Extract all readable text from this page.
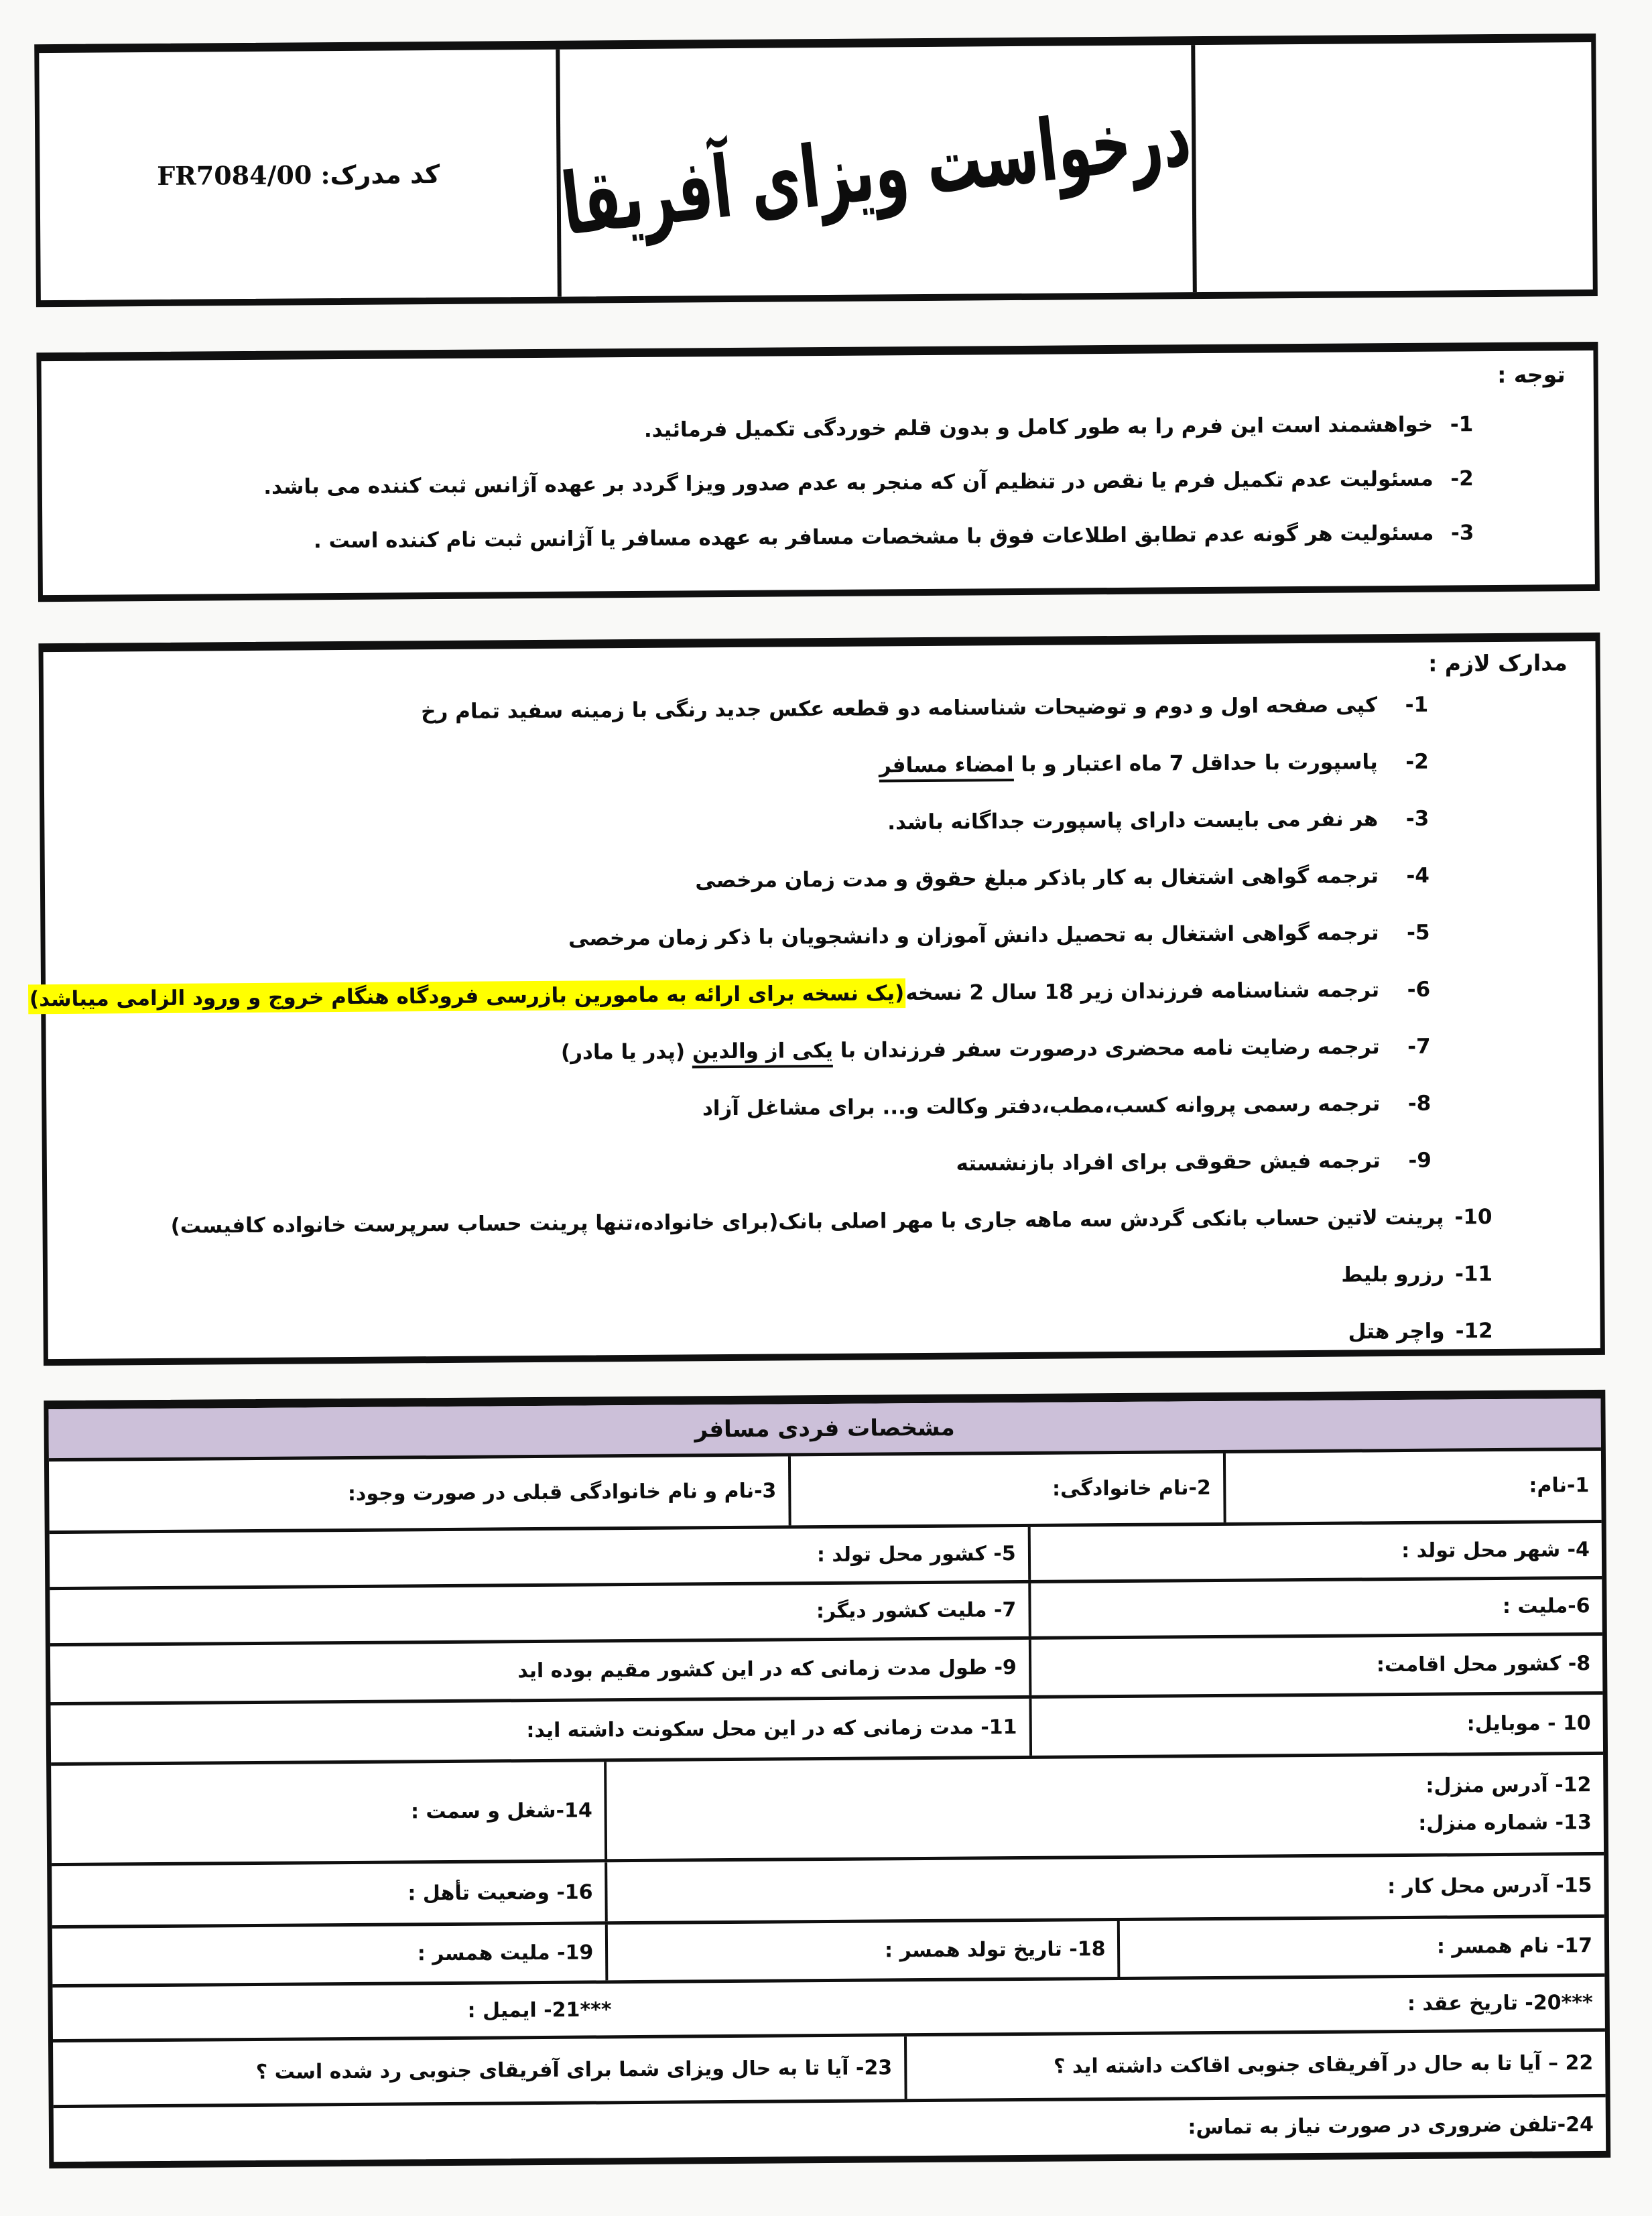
کد مدرک: FR7084/00 درخواست ویزای آفریقا
توجه :
1-خواهشمند است این فرم را به طور کامل و بدون قلم خوردگی تکمیل فرمائید.
2-مسئولیت عدم تکمیل فرم یا نقص در تنظیم آن که منجر به عدم صدور ویزا گردد بر عهده آژانس ثبت کننده می باشد.
3-مسئولیت هر گونه عدم تطابق اطلاعات فوق با مشخصات مسافر به عهده مسافر یا آژانس ثبت نام کننده است .
مدارک لازم :
1-کپی صفحه اول و دوم و توضیحات شناسنامه دو قطعه عکس جدید رنگی با زمینه سفید تمام رخ
2-پاسپورت با حداقل 7 ماه اعتبار و با امضاء مسافر
3-هر نفر می بایست دارای پاسپورت جداگانه باشد.
4-ترجمه گواهی اشتغال به کار باذکر مبلغ حقوق و مدت زمان مرخصی
5-ترجمه گواهی اشتغال به تحصیل دانش آموزان و دانشجویان با ذکر زمان مرخصی
6-ترجمه شناسنامه فرزندان زیر 18 سال 2 نسخه(یک نسخه برای ارائه به مامورین بازرسی فرودگاه هنگام خروج و ورود الزامی میباشد)
7-ترجمه رضایت نامه محضری درصورت سفر فرزندان با یکی از والدین (پدر یا مادر)
8-ترجمه رسمی پروانه کسب،مطب،دفتر وکالت و... برای مشاغل آزاد
9-ترجمه فیش حقوقی برای افراد بازنشسته
10-پرینت لاتین حساب بانکی گردش سه ماهه جاری با مهر اصلی بانک(برای خانواده،تنها پرینت حساب سرپرست خانواده کافیست)
11-رزرو بلیط
12-واچر هتل
مشخصات فردی مسافر
1-نام:
2-نام خانوادگی:
3-نام و نام خانوادگی قبلی در صورت وجود:
4- شهر محل تولد :
5- کشور محل تولد :
6-ملیت :
7- ملیت کشور دیگر:
8- کشور محل اقامت:
9- طول مدت زمانی که در این کشور مقیم بوده اید
10 - موبایل:
11- مدت زمانی که در این محل سکونت داشته اید:
12- آدرس منزل:
13- شماره منزل:
14-شغل و سمت :
15- آدرس محل کار :
16- وضعیت تأهل :
17- نام همسر :
18- تاریخ تولد همسر :
19- ملیت همسر :
***20- تاریخ عقد :
***21- ایمیل :
22 – آیا تا به حال در آفریقای جنوبی اقاکت داشته اید ؟
23- آیا تا به حال ویزای شما برای آفریقای جنوبی رد شده است ؟
24-تلفن ضروری در صورت نیاز به تماس:
